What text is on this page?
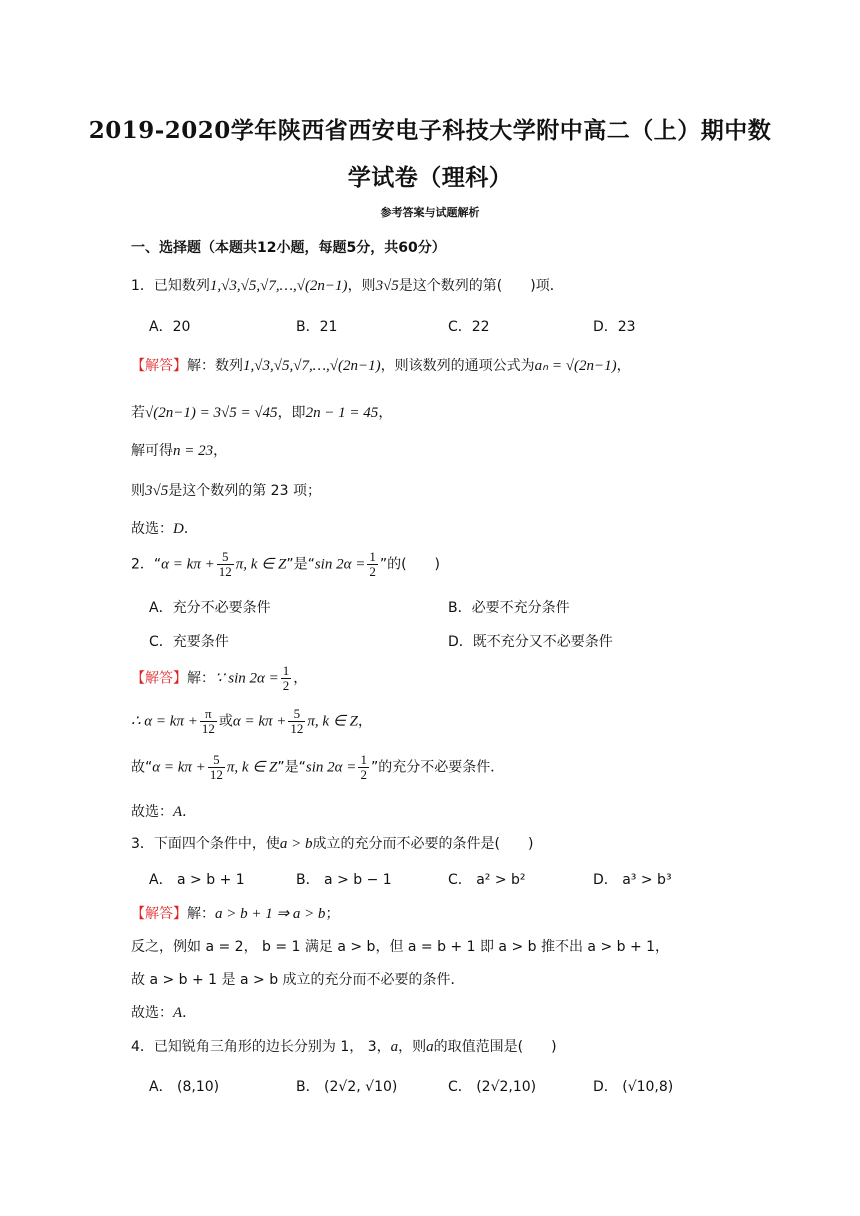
2019-2020学年陕西省西安电子科技大学附中高二（上）期中数
学试卷（理科）
参考答案与试题解析
一、选择题（本题共12小题，每题5分，共60分）
1．已知数列1,√3,√5,√7,…,√(2n−1)，则3√5是这个数列的第(　　)项．
A．20	B．21	C．22	D．23
【解答】解：数列1,√3,√5,√7,…,√(2n−1)，则该数列的通项公式为aₙ = √(2n−1)，
若√(2n−1) = 3√5 = √45，即2n − 1 = 45，
解可得n = 23，
则3√5是这个数列的第 23 项；
故选：D．
2．“$\alpha = k\pi + \frac{5}{12} \pi$, k ∈ Z”是“sin $2\alpha = \frac{1}{2}$ ”的(　　)
A．充分不必要条件	B．必要不充分条件
C．充要条件	D．既不充分又不必要条件
【解答】解：∵ $\sin 2\alpha = \frac{1}{2}$ ，
∴ $\alpha = k\pi + \frac{\pi}{12}$ 或$\alpha = k\pi + \frac{5}{12} \pi$, k ∈ Z，
故“$\alpha = k\pi + \frac{5}{12} \pi$, k ∈ Z”是“sin $2\alpha = \frac{1}{2}$ ”的充分不必要条件．
故选：A．
3．下面四个条件中，使a > b成立的充分而不必要的条件是(　　)
A． a > b + 1	B． a > b − 1	C． a² > b²	D． a³ > b³
【解答】解：a > b + 1 ⇒ a > b；
反之，例如 a = 2， b = 1 满足 a > b，但 a = b + 1 即 a > b 推不出 a > b + 1，
故 a > b + 1 是 a > b 成立的充分而不必要的条件．
故选：A．
4．已知锐角三角形的边长分别为 1， 3，a，则a的取值范围是(　　)
A． (8,10)	B． (2√2, √10)	C． (2√2,10)	D． (√10,8)
